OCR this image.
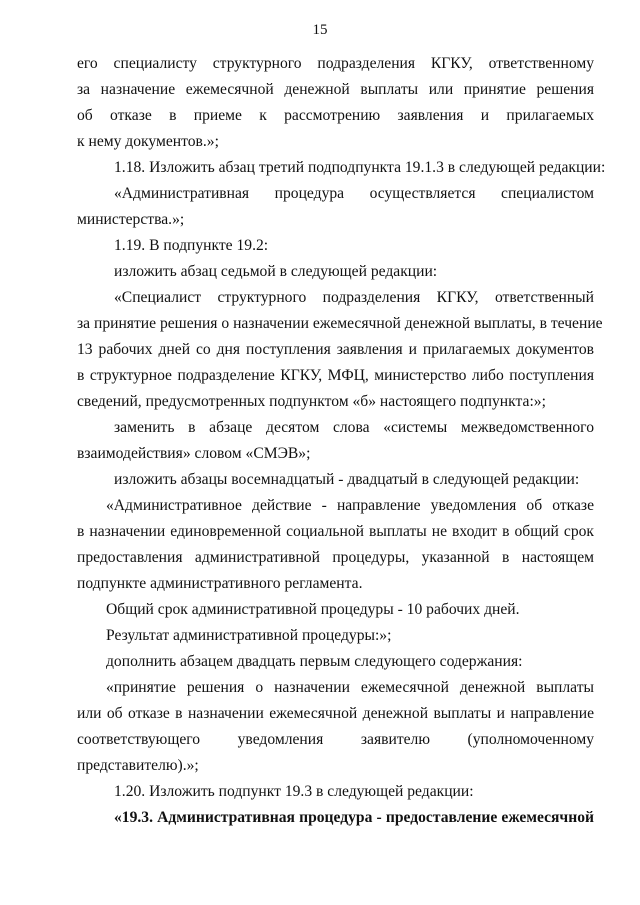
15
его специалисту структурного подразделения КГКУ, ответственному
за назначение ежемесячной денежной выплаты или принятие решения
об отказе в приеме к рассмотрению заявления и прилагаемых
к нему документов.»;
1.18. Изложить абзац третий подподпункта 19.1.3 в следующей редакции:
«Административная процедура осуществляется специалистом
министерства.»;
1.19. В подпункте 19.2:
изложить абзац седьмой в следующей редакции:
«Специалист структурного подразделения КГКУ, ответственный
за принятие решения о назначении ежемесячной денежной выплаты, в течение
13 рабочих дней со дня поступления заявления и прилагаемых документов
в структурное подразделение КГКУ, МФЦ, министерство либо поступления
сведений, предусмотренных подпунктом «б» настоящего подпункта:»;
заменить в абзаце десятом слова «системы межведомственного
взаимодействия» словом «СМЭВ»;
изложить абзацы восемнадцатый - двадцатый в следующей редакции:
«Административное действие - направление уведомления об отказе
в назначении единовременной социальной выплаты не входит в общий срок
предоставления административной процедуры, указанной в настоящем
подпункте административного регламента.
Общий срок административной процедуры - 10 рабочих дней.
Результат административной процедуры:»;
дополнить абзацем двадцать первым следующего содержания:
«принятие решения о назначении ежемесячной денежной выплаты
или об отказе в назначении ежемесячной денежной выплаты и направление
соответствующего уведомления заявителю (уполномоченному
представителю).»;
1.20. Изложить подпункт 19.3 в следующей редакции:
«19.3. Административная процедура - предоставление ежемесячной
